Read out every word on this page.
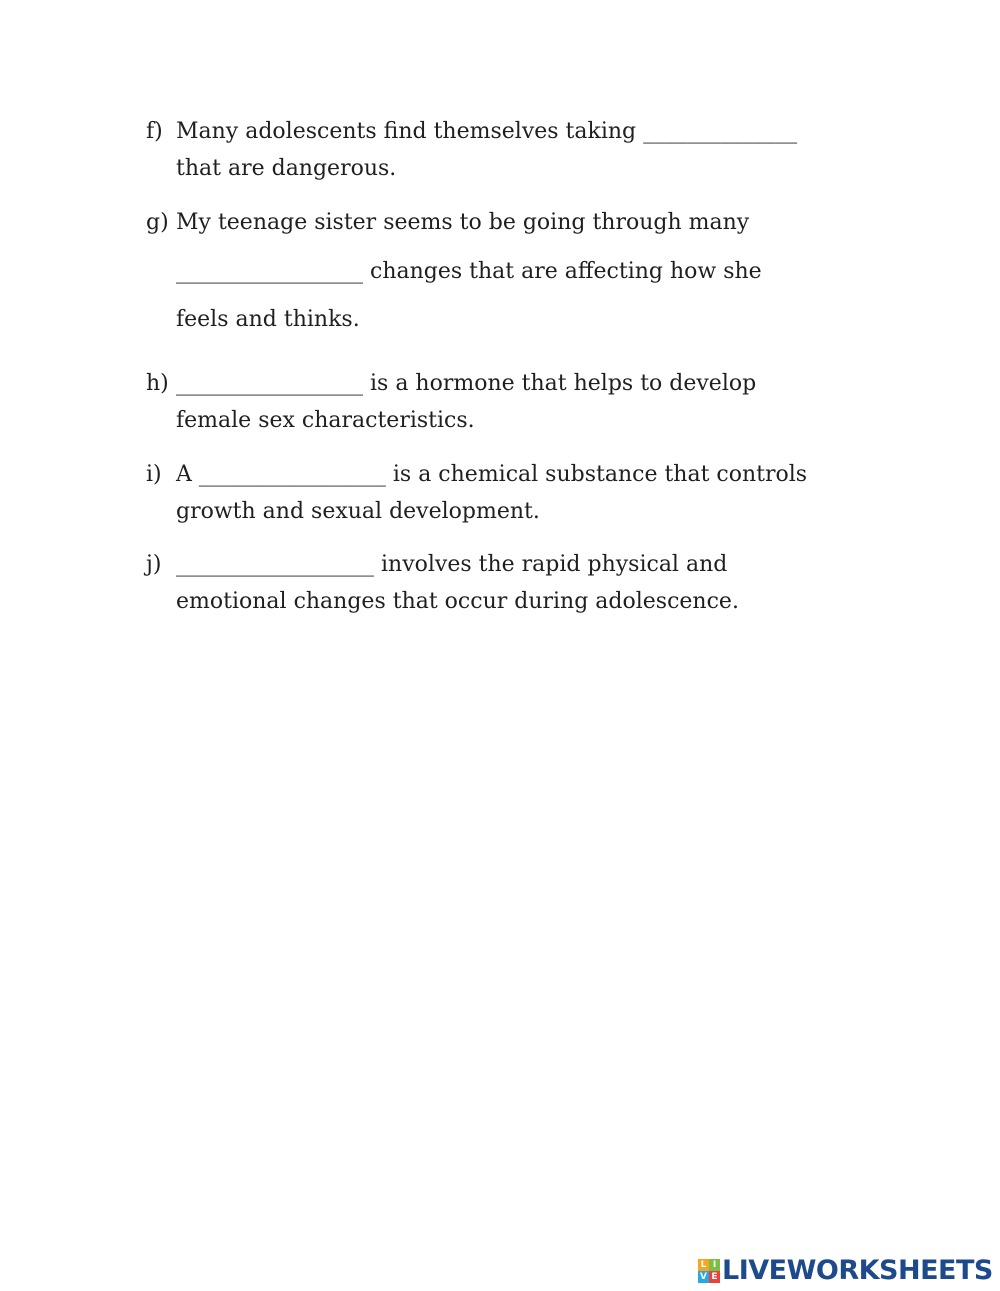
f) Many adolescents find themselves taking ______________
that are dangerous.
g) My teenage sister seems to be going through many
_________________ changes that are affecting how she
feels and thinks.
h) _________________ is a hormone that helps to develop
female sex characteristics.
i) A _________________ is a chemical substance that controls
growth and sexual development.
j) __________________ involves the rapid physical and
emotional changes that occur during adolescence.
L I
V E LIVEWORKSHEETS
